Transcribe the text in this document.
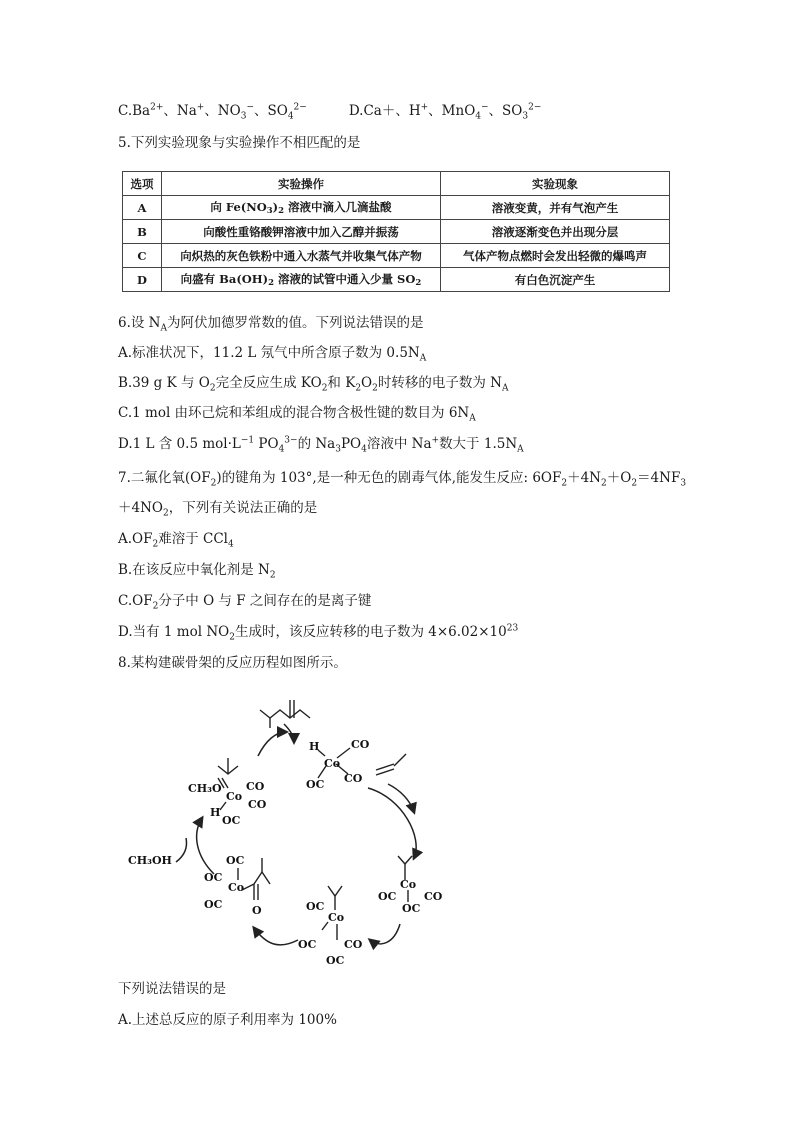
$C.Ba^{2+}$、Na+、$NO_3^-$、$SO_4^{2-}$	D.Ca＋、H+、MnO$_4$−、$SO_3^{2-}$
5.下列实验现象与实验操作不相匹配的是
选项	实验操作	实验现象
A	向 Fe(NO3)2 溶液中滴入几滴盐酸	溶液变黄，并有气泡产生
B	向酸性重铬酸钾溶液中加入乙醇并振荡	溶液逐渐变色并出现分层
C	向炽热的灰色铁粉中通入水蒸气并收集气体产物	气体产物点燃时会发出轻微的爆鸣声
D	向盛有 Ba(OH)2 溶液的试管中通入少量 SO2	有白色沉淀产生
6.设 $N_A$为阿伏加德罗常数的值。下列说法错误的是
A.标准状况下，11.2 L 氖气中所含原子数为 $0.5N_A$
B.39 g K 与 $O_2$完全反应生成 $KO_2$和 $K_2O_2$时转移的电子数为 $N_A$
C.1 mol 由环己烷和苯组成的混合物含极性键的数目为 $6N_A$
D.1 L 含 0.5 $mol\cdot L^{-1}$ $PO_4^{3-}$的 $Na_3PO_4$溶液中 Na+数大于 $1.5N_A$
7.二氟化氧$(OF_2)$的键角为 103°,是一种无色的剧毒气体,能发生反应: $6OF_2+4N_2+O_2=4NF_3$
$+4NO_2$，下列有关说法正确的是
$A.OF_2$难溶于 CCl$_4$
B.在该反应中氧化剂是 $N_2$
$C.OF_2$分子中 O 与 F 之间存在的是离子键
D.当有 1 mol $NO_2$生成时，该反应转移的电子数为 $4\times 6.02\times 10^{23}$
8.某构建碳骨架的反应历程如图所示。
H
Co
CO
CO
OC
Co
OC	CO
OC
Co
OC
OC	CO
OC
Co
OC
OC
OC	O
CH₃OH
Co
CO
CO
CH₃O
H
OC
下列说法错误的是
A.上述总反应的原子利用率为 100%
